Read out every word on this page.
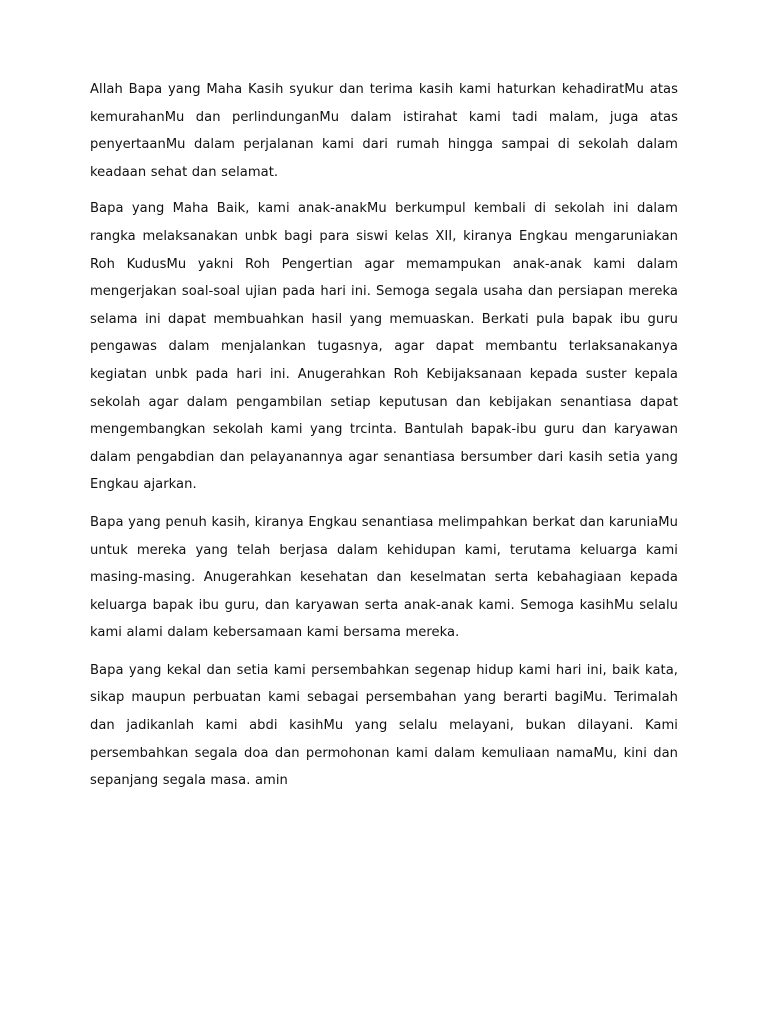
Allah Bapa yang Maha Kasih syukur dan terima kasih kami haturkan kehadiratMu atas kemurahanMu dan perlindunganMu dalam istirahat kami tadi malam, juga atas penyertaanMu dalam perjalanan kami dari rumah hingga sampai di sekolah dalam keadaan sehat dan selamat.

Bapa yang Maha Baik, kami anak-anakMu berkumpul kembali di sekolah ini dalam rangka melaksanakan unbk bagi para siswi kelas XII, kiranya Engkau mengaruniakan Roh KudusMu yakni Roh Pengertian agar memampukan anak-anak kami dalam mengerjakan soal-soal ujian pada hari ini. Semoga segala usaha dan persiapan mereka selama ini dapat membuahkan hasil yang memuaskan. Berkati pula bapak ibu guru pengawas dalam menjalankan tugasnya, agar dapat membantu terlaksanakanya kegiatan unbk pada hari ini. Anugerahkan Roh Kebijaksanaan kepada suster kepala sekolah agar dalam pengambilan setiap keputusan dan kebijakan senantiasa dapat mengembangkan sekolah kami yang trcinta. Bantulah bapak-ibu guru dan karyawan dalam pengabdian dan pelayanannya agar senantiasa bersumber dari kasih setia yang Engkau ajarkan.

Bapa yang penuh kasih, kiranya Engkau senantiasa melimpahkan berkat dan karuniaMu untuk mereka yang telah berjasa dalam kehidupan kami, terutama keluarga kami masing-masing. Anugerahkan kesehatan dan keselmatan serta kebahagiaan kepada keluarga bapak ibu guru, dan karyawan serta anak-anak kami. Semoga kasihMu selalu kami alami dalam kebersamaan kami bersama mereka.

Bapa yang kekal dan setia kami persembahkan segenap hidup kami hari ini, baik kata, sikap maupun perbuatan kami sebagai persembahan yang berarti bagiMu. Terimalah dan jadikanlah kami abdi kasihMu yang selalu melayani, bukan dilayani. Kami persembahkan segala doa dan permohonan kami dalam kemuliaan namaMu, kini dan sepanjang segala masa. amin
